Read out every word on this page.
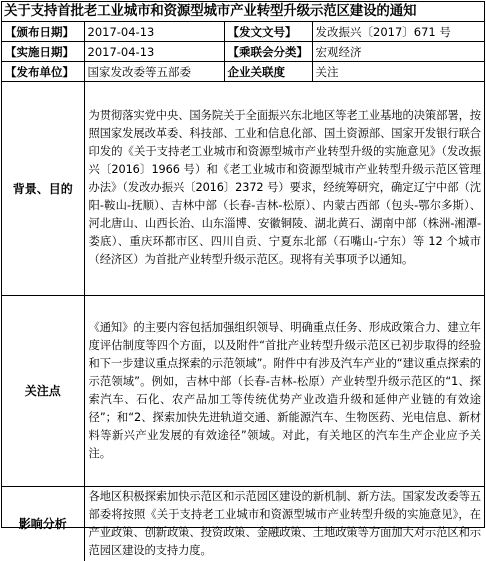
关于支持首批老工业城市和资源型城市产业转型升级示范区建设的通知
【颁布日期】	2017-04-13	【发文文号】	发改振兴〔2017〕671 号
【实施日期】	2017-04-13	【乘联会分类】	宏观经济
【发布单位】	国家发改委等五部委	企业关联度	关注
背景、目的	为贯彻落实党中央、国务院关于全面振兴东北地区等老工业基地的决策部署，按照国家发展改革委、科技部、工业和信息化部、国土资源部、国家开发银行联合印发的《关于支持老工业城市和资源型城市产业转型升级的实施意见》（发改振兴〔2016〕1966 号）和《老工业城市和资源型城市产业转型升级示范区管理办法》（发改办振兴〔2016〕2372 号）要求，经统筹研究，确定辽宁中部（沈阳-鞍山-抚顺）、吉林中部（长春-吉林-松原）、内蒙古西部（包头-鄂尔多斯）、河北唐山、山西长治、山东淄博、安徽铜陵、湖北黄石、湖南中部（株洲-湘潭-娄底）、重庆环都市区、四川自贡、宁夏东北部（石嘴山-宁东）等 12 个城市（经济区）为首批产业转型升级示范区。现将有关事项予以通知。
关注点	《通知》的主要内容包括加强组织领导、明确重点任务、形成政策合力、建立年度评估制度等四个方面，以及附件“首批产业转型升级示范区已初步取得的经验和下一步建议重点探索的示范领域”。附件中有涉及汽车产业的“建议重点探索的示范领域”。例如，吉林中部（长春-吉林-松原）产业转型升级示范区的“1、探索汽车、石化、农产品加工等传统优势产业改造升级和延伸产业链的有效途径”；和“2、探索加快先进轨道交通、新能源汽车、生物医药、光电信息、新材料等新兴产业发展的有效途径”领域。对此，有关地区的汽车生产企业应予关注。
影响分析	各地区积极探索加快示范区和示范园区建设的新机制、新方法。国家发改委等五部委将按照《关于支持老工业城市和资源型城市产业转型升级的实施意见》，在产业政策、创新政策、投资政策、金融政策、土地政策等方面加大对示范区和示范园区建设的支持力度。
